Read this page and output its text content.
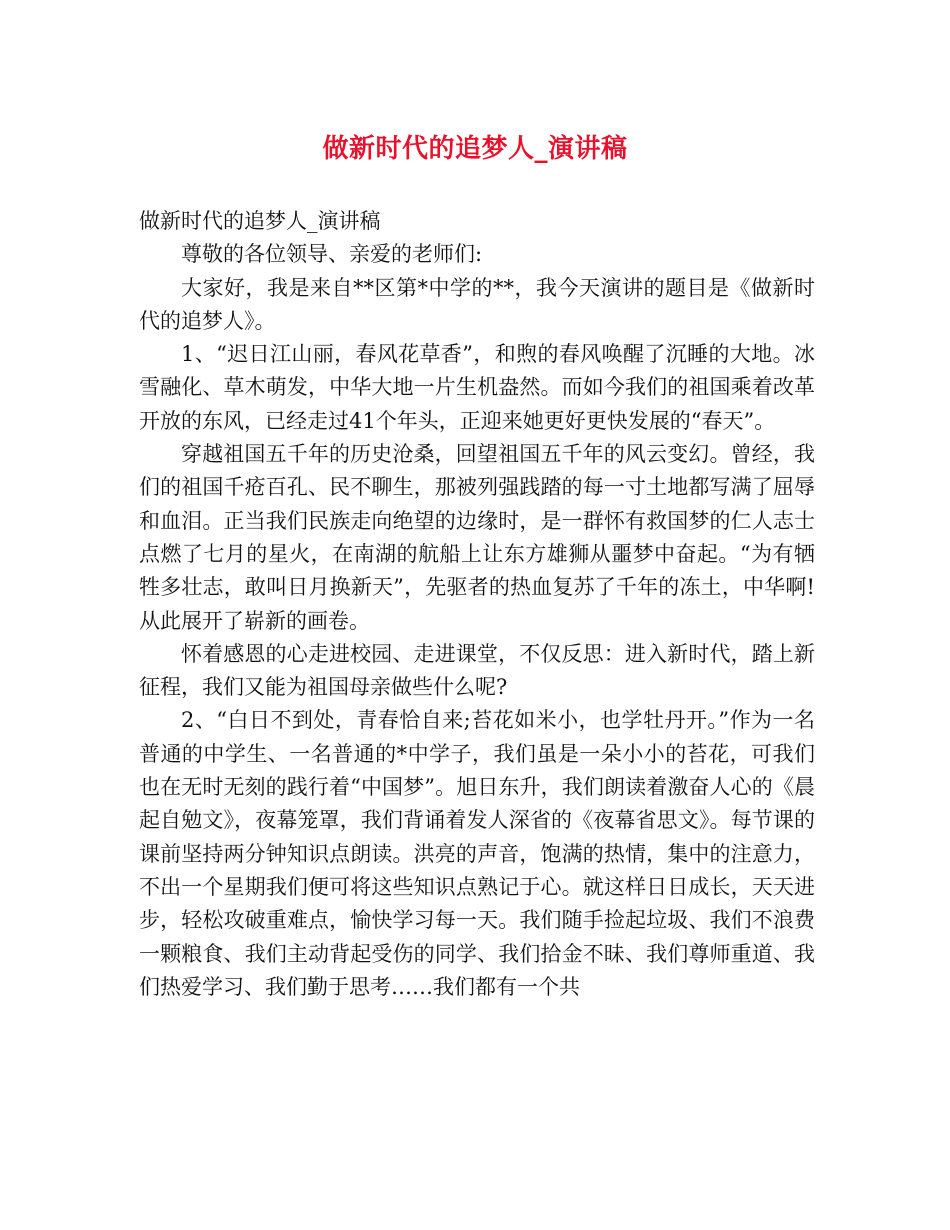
做新时代的追梦人_演讲稿

做新时代的追梦人_演讲稿

尊敬的各位领导、亲爱的老师们:

大家好，我是来自**区第*中学的**，我今天演讲的题目是《做新时代的追梦人》。

1、“迟日江山丽，春风花草香”，和煦的春风唤醒了沉睡的大地。冰雪融化、草木萌发，中华大地一片生机盎然。而如今我们的祖国乘着改革开放的东风，已经走过41个年头，正迎来她更好更快发展的“春天”。

穿越祖国五千年的历史沧桑，回望祖国五千年的风云变幻。曾经，我们的祖国千疮百孔、民不聊生，那被列强践踏的每一寸土地都写满了屈辱和血泪。正当我们民族走向绝望的边缘时，是一群怀有救国梦的仁人志士点燃了七月的星火，在南湖的航船上让东方雄狮从噩梦中奋起。“为有牺牲多壮志，敢叫日月换新天”，先驱者的热血复苏了千年的冻土，中华啊!从此展开了崭新的画卷。

怀着感恩的心走进校园、走进课堂，不仅反思：进入新时代，踏上新征程，我们又能为祖国母亲做些什么呢?

2、“白日不到处，青春恰自来;苔花如米小，也学牡丹开。”作为一名普通的中学生、一名普通的*中学子，我们虽是一朵小小的苔花，可我们也在无时无刻的践行着“中国梦”。旭日东升，我们朗读着激奋人心的《晨起自勉文》，夜幕笼罩，我们背诵着发人深省的《夜幕省思文》。每节课的课前坚持两分钟知识点朗读。洪亮的声音，饱满的热情，集中的注意力，不出一个星期我们便可将这些知识点熟记于心。就这样日日成长，天天进步，轻松攻破重难点，愉快学习每一天。我们随手捡起垃圾、我们不浪费一颗粮食、我们主动背起受伤的同学、我们拾金不昧、我们尊师重道、我们热爱学习、我们勤于思考……我们都有一个共
